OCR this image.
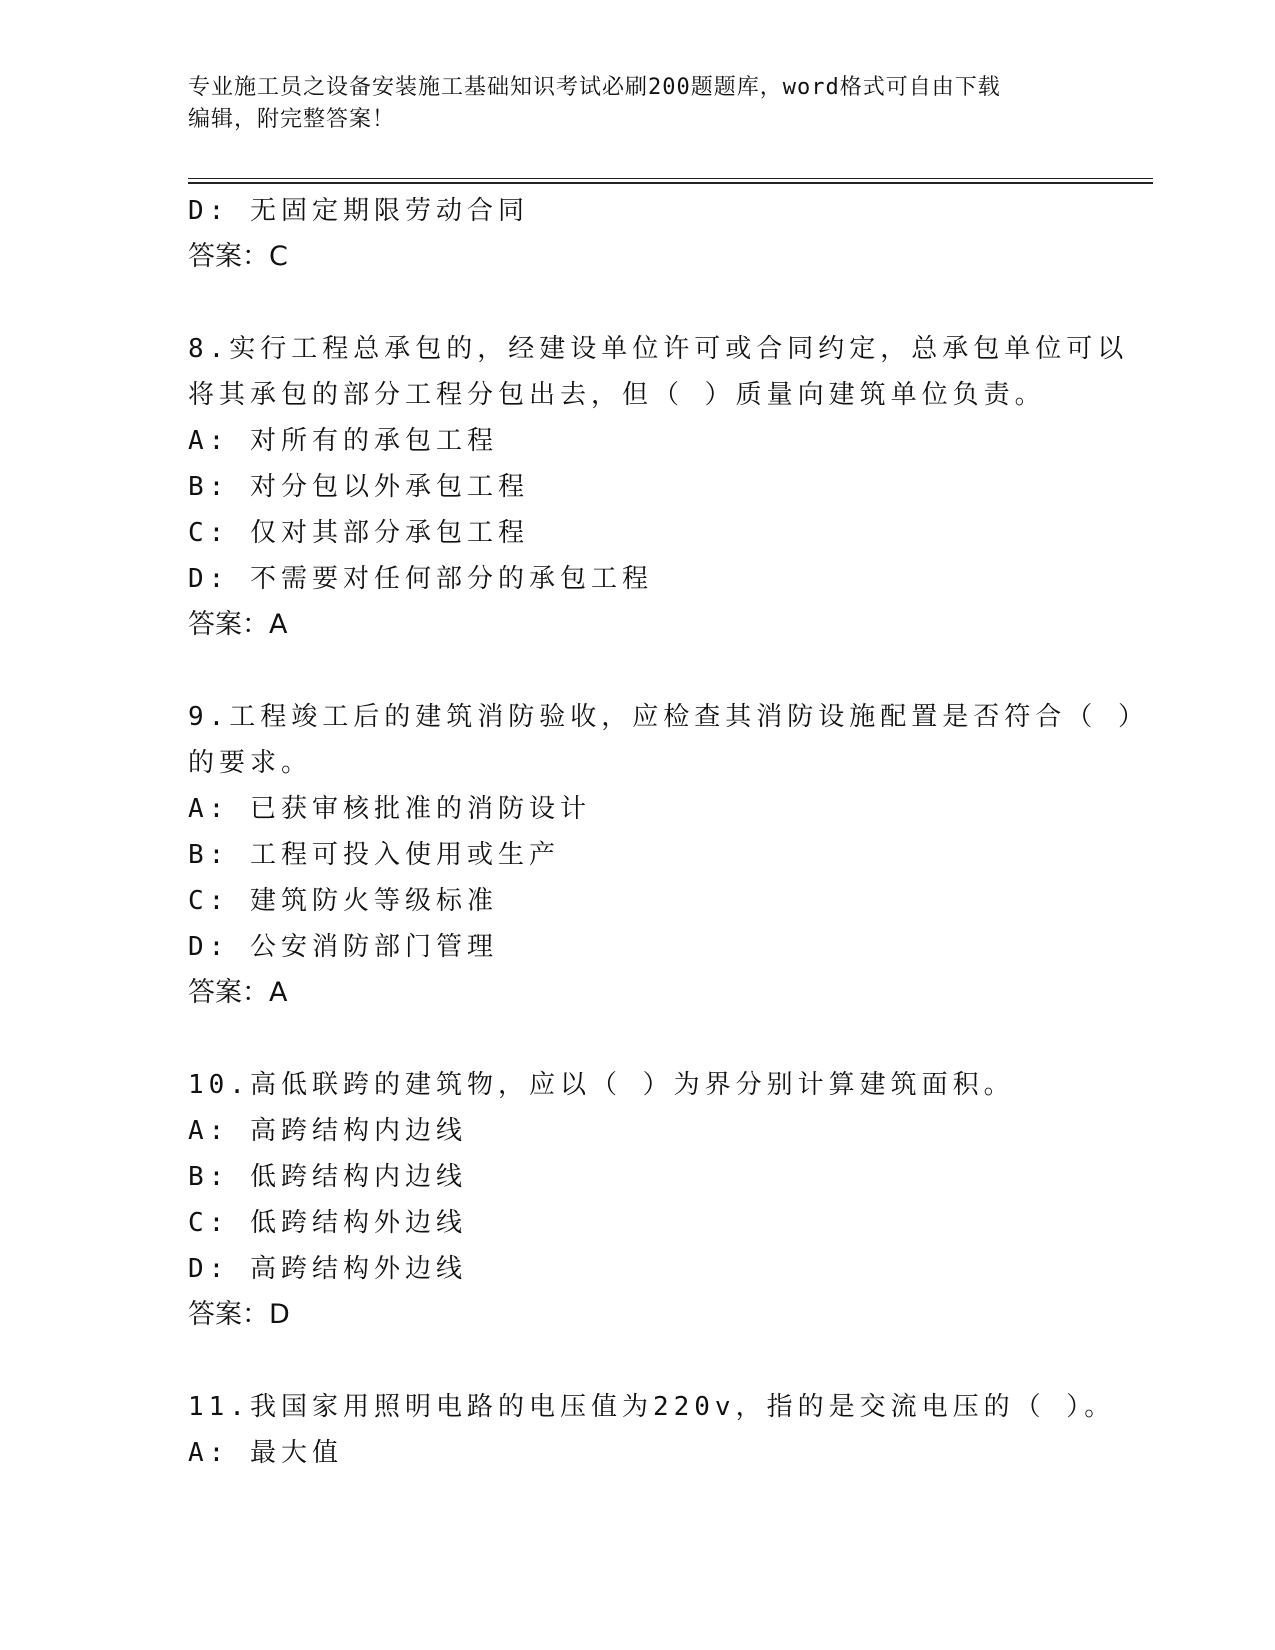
专业施工员之设备安装施工基础知识考试必刷200题题库，word格式可自由下载
编辑，附完整答案！
D: 无固定期限劳动合同
答案：C
8.实行工程总承包的，经建设单位许可或合同约定，总承包单位可以
将其承包的部分工程分包出去，但（ ）质量向建筑单位负责。
A: 对所有的承包工程
B: 对分包以外承包工程
C: 仅对其部分承包工程
D: 不需要对任何部分的承包工程
答案：A
9.工程竣工后的建筑消防验收，应检查其消防设施配置是否符合（ ）
的要求。
A: 已获审核批准的消防设计
B: 工程可投入使用或生产
C: 建筑防火等级标准
D: 公安消防部门管理
答案：A
10.高低联跨的建筑物，应以（ ）为界分别计算建筑面积。
A: 高跨结构内边线
B: 低跨结构内边线
C: 低跨结构外边线
D: 高跨结构外边线
答案：D
11.我国家用照明电路的电压值为220v，指的是交流电压的（ ）。
A: 最大值
